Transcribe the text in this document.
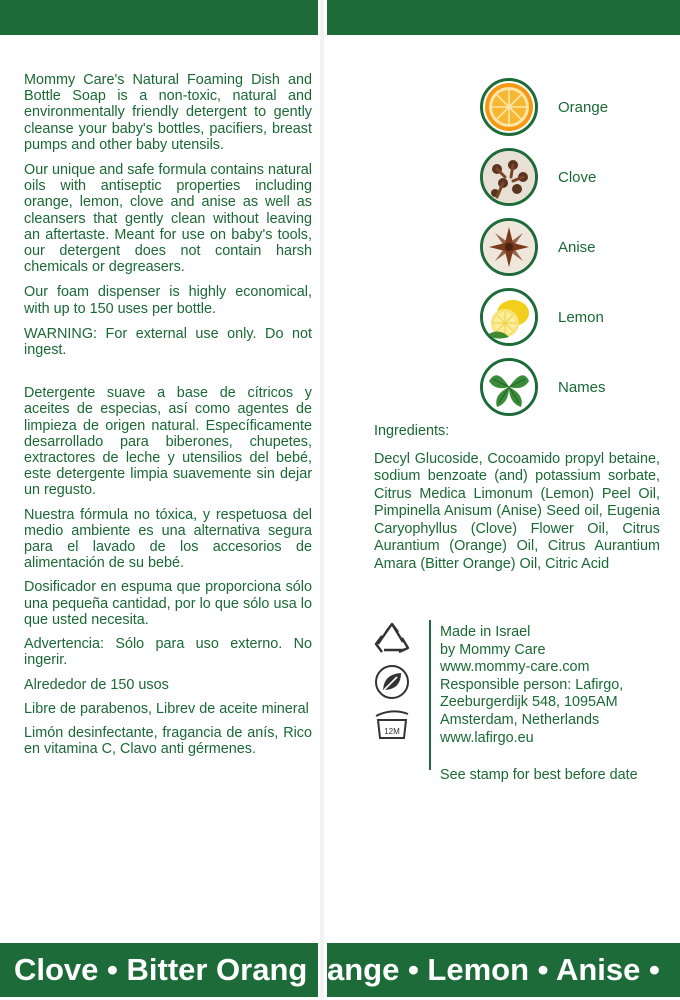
Mommy Care's Natural Foaming Dish and Bottle Soap is a non-toxic, natural and environmentally friendly detergent to gently cleanse your baby's bottles, pacifiers, breast pumps and other baby utensils.

Our unique and safe formula contains natural oils with antiseptic properties including orange, lemon, clove and anise as well as cleansers that gently clean without leaving an aftertaste. Meant for use on baby's tools, our detergent does not contain harsh chemicals or degreasers.

Our foam dispenser is highly economical, with up to 150 uses per bottle.

WARNING: For external use only. Do not ingest.

Detergente suave a base de cítricos y aceites de especias, así como agentes de limpieza de origen natural. Específicamente desarrollado para biberones, chupetes, extractores de leche y utensilios del bebé, este detergente limpia suavemente sin dejar un regusto.

Nuestra fórmula no tóxica, y respetuosa del medio ambiente es una alternativa segura para el lavado de los accesorios de alimentación de su bebé.

Dosificador en espuma que proporciona sólo una pequeña cantidad, por lo que sólo usa lo que usted necesita.

Advertencia: Sólo para uso externo. No ingerir.

Alrededor de 150 usos

Libre de parabenos, Librev de aceite mineral

Limón desinfectante, fragancia de anís, Rico en vitamina C, Clavo anti gérmenes.

Orange
Clove
Anise
Lemon
Names
Ingredients:
Decyl Glucoside, Cocoamido propyl betaine, sodium benzoate (and) potassium sorbate, Citrus Medica Limonum (Lemon) Peel Oil, Pimpinella Anisum (Anise) Seed oil, Eugenia Caryophyllus (Clove) Flower Oil, Citrus Aurantium (Orange) Oil, Citrus Aurantium Amara (Bitter Orange) Oil, Citric Acid
12M
Made in Israel
by Mommy Care
www.mommy-care.com
Responsible person: Lafirgo,
Zeeburgerdijk 548, 1095AM
Amsterdam, Netherlands
www.lafirgo.eu
See stamp for best before date
Clove • Bitter Orang ange • Lemon • Anise •
